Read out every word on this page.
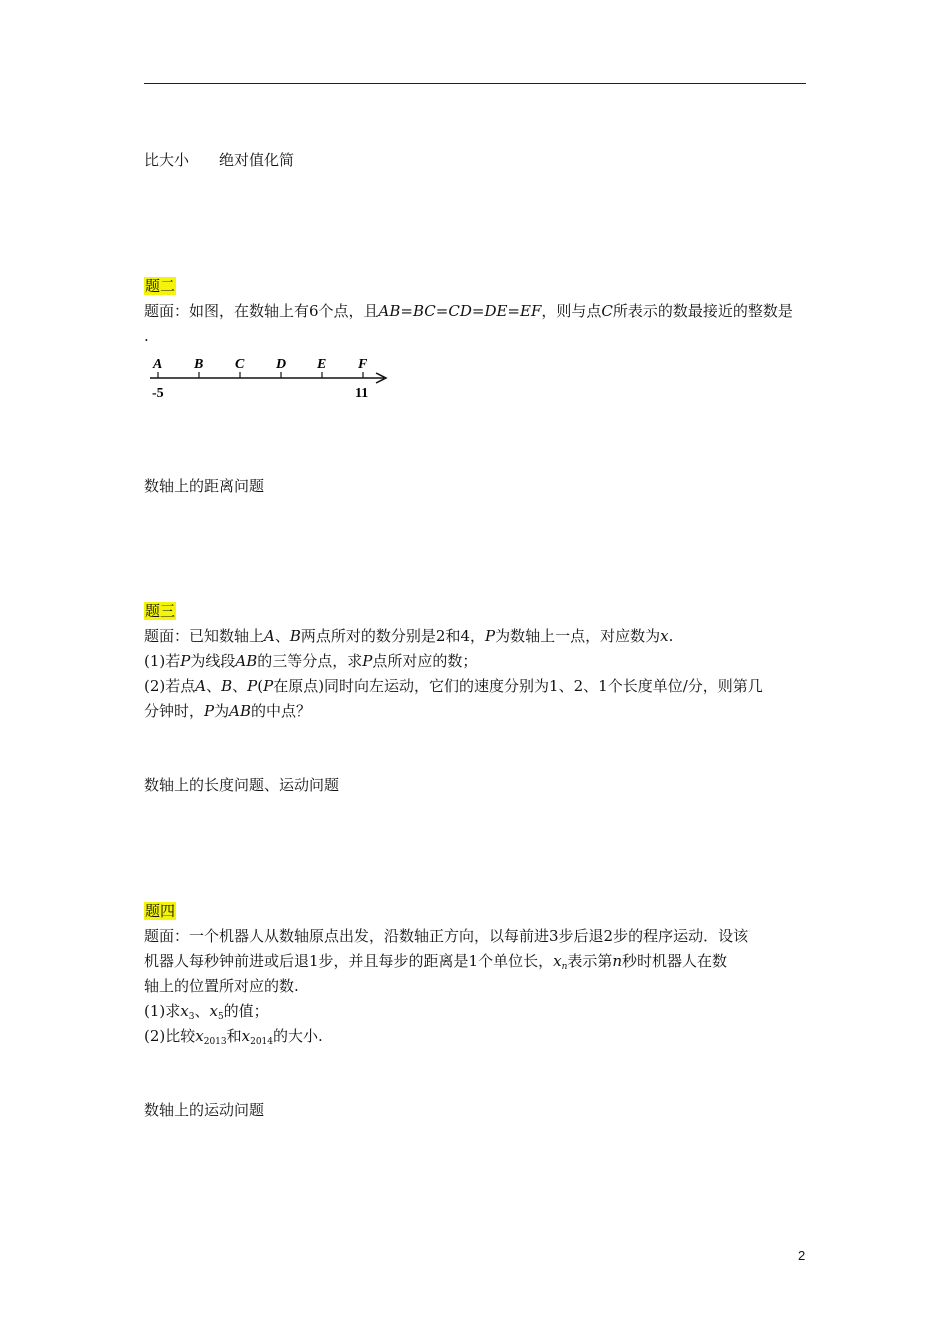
比大小　　绝对值化简
题二
题面：如图，在数轴上有6个点，且AB=BC=CD=DE=EF，则与点C所表示的数最接近的整数是
.
A B C D E F
-5	11
数轴上的距离问题
题三
题面：已知数轴上A、B两点所对的数分别是2和4，P为数轴上一点，对应数为x.
(1)若P为线段AB的三等分点，求P点所对应的数；
(2)若点A、B、P(P在原点)同时向左运动，它们的速度分别为1、2、1个长度单位/分，则第几
分钟时，P为AB的中点？
数轴上的长度问题、运动问题
题四
题面：一个机器人从数轴原点出发，沿数轴正方向，以每前进3步后退2步的程序运动．设该
机器人每秒钟前进或后退1步，并且每步的距离是1个单位长，$x_n$表示第n秒时机器人在数
轴上的位置所对应的数.
(1)求$x_3$、$x_5$的值；
(2)比较$x_{2013}$和$x_{2014}$的大小.
数轴上的运动问题
2
